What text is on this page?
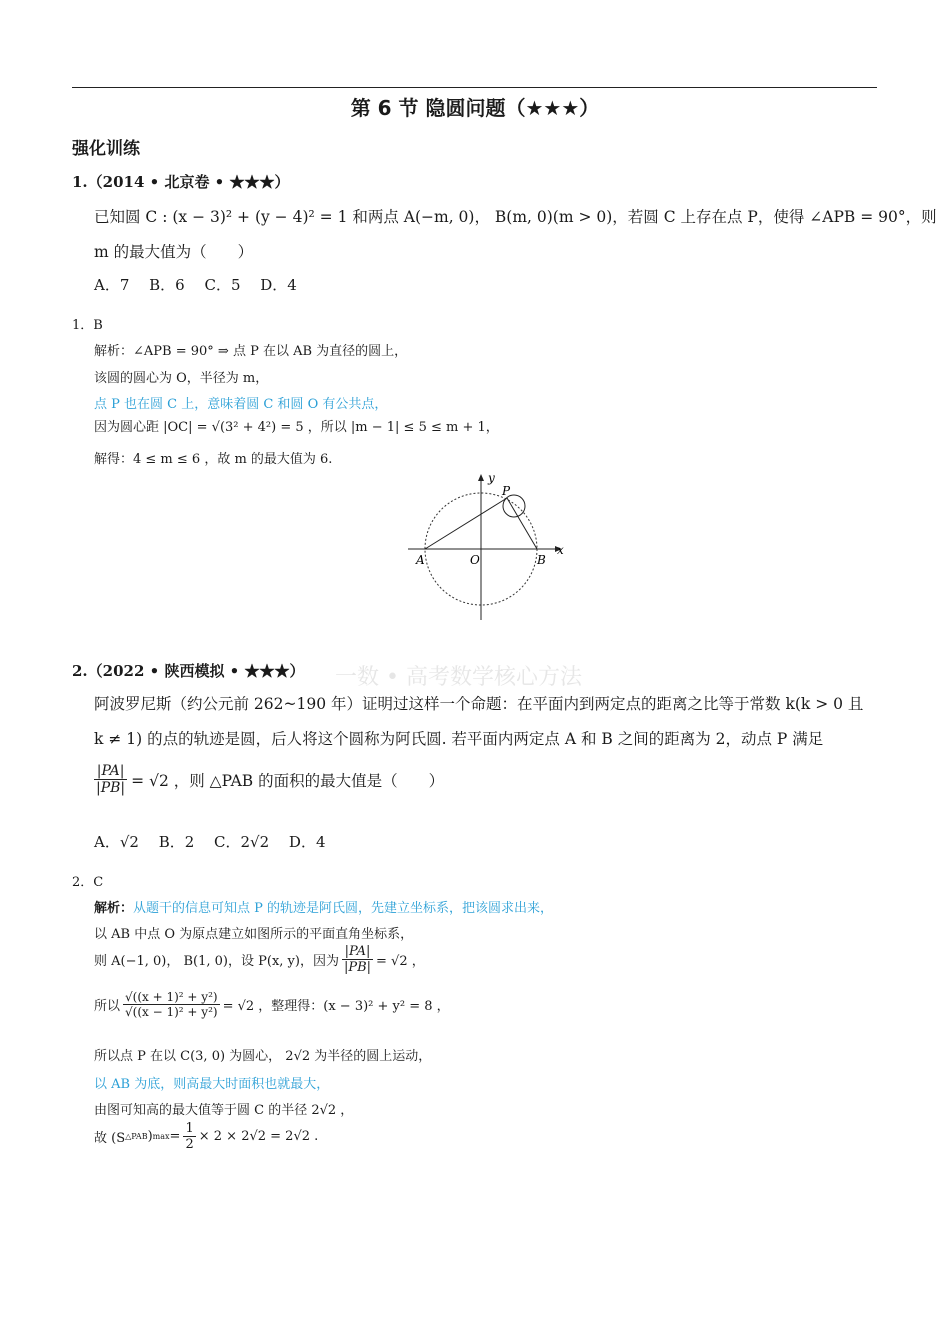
第 6 节 隐圆问题（★★★）
强化训练
1.（2014 • 北京卷 • ★★★）
已知圆 C : (x − 3)² + (y − 4)² = 1 和两点 A(−m, 0)， B(m, 0)(m > 0)，若圆 C 上存在点 P，使得 ∠APB = 90°，则
m 的最大值为（　　）
A．7　 B．6　 C．5　 D．4
1．B
解析：∠APB = 90° ⇒ 点 P 在以 AB 为直径的圆上，
该圆的圆心为 O，半径为 m，
点 P 也在圆 C 上，意味着圆 C 和圆 O 有公共点，
因为圆心距 |OC| = √(3² + 4²) = 5 ，所以 |m − 1| ≤ 5 ≤ m + 1，
解得：4 ≤ m ≤ 6 ，故 m 的最大值为 6.
y
x
P
A	O	B
一数 • 高考数学核心方法
2.（2022 • 陕西模拟 • ★★★）
阿波罗尼斯（约公元前 262~190 年）证明过这样一个命题：在平面内到两定点的距离之比等于常数 k(k > 0 且
k ≠ 1) 的点的轨迹是圆，后人将这个圆称为阿氏圆. 若平面内两定点 A 和 B 之间的距离为 2，动点 P 满足
$\frac{|PA|}{|PB|} = √2$ ，则 △PAB 的面积的最大值是（　　）
A．√2　 B．2　 C．2√2　 D．4
2．C
解析：从题干的信息可知点 P 的轨迹是阿氏圆，先建立坐标系，把该圆求出来，
以 AB 中点 O 为原点建立如图所示的平面直角坐标系，
则 A(−1, 0)， B(1, 0)，设 P(x, y)，因为 $\frac{|PA|}{|PB|} = √2$ ，
所以 $\frac{\text{√((x + 1)² + y²)}}{\text{√((x − 1)² + y²)}} = √2$ ，整理得：(x − 3)² + y² = 8 ，
所以点 P 在以 C(3, 0) 为圆心， 2√2 为半径的圆上运动，
以 AB 为底，则高最大时面积也就最大，
由图可知高的最大值等于圆 C 的半径 2√2 ，
故 (S △PAB ) $\max = \frac{1}{2} \times 2 \times 2√2 = 2√2$ .
